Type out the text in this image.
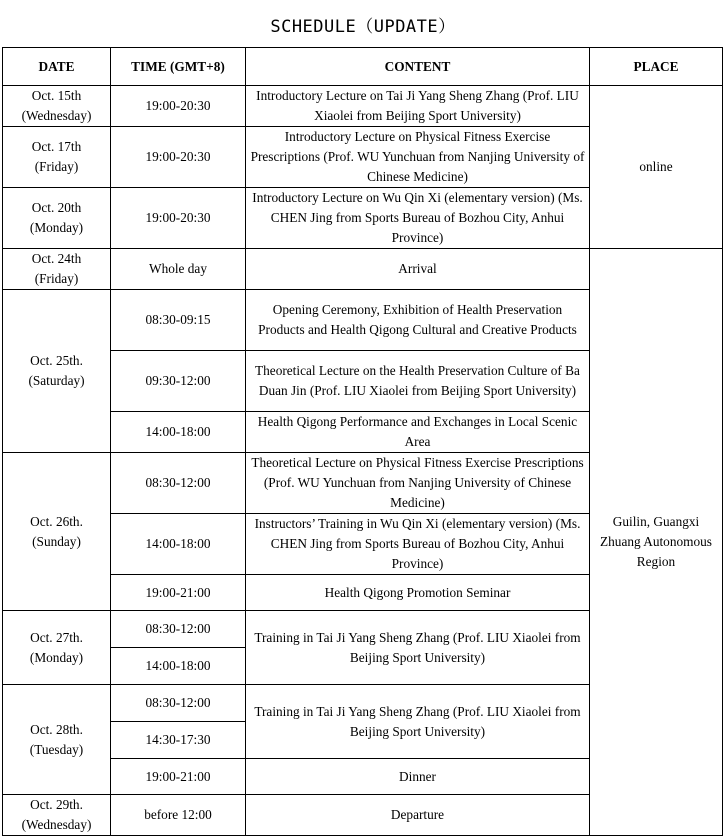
SCHEDULE（UPDATE）
DATE	TIME (GMT+8)	CONTENT	PLACE

Oct. 15th
(Wednesday)	19:00-20:30	Introductory Lecture on Tai Ji Yang Sheng Zhang (Prof. LIU Xiaolei from Beijing Sport University)	online

Oct. 17th
(Friday)	19:00-20:30	Introductory Lecture on Physical Fitness Exercise Prescriptions (Prof. WU Yunchuan from Nanjing University of Chinese Medicine)	

Oct. 20th
(Monday)	19:00-20:30	Introductory Lecture on Wu Qin Xi (elementary version) (Ms. CHEN Jing from Sports Bureau of Bozhou City, Anhui Province)	

Oct. 24th
(Friday)	Whole day	Arrival	Guilin, Guangxi Zhuang Autonomous Region

Oct. 25th.
(Saturday)	08:30-09:15	Opening Ceremony, Exhibition of Health Preservation Products and Health Qigong Cultural and Creative Products	
	09:30-12:00	Theoretical Lecture on the Health Preservation Culture of Ba Duan Jin (Prof. LIU Xiaolei from Beijing Sport University)	
	14:00-18:00	Health Qigong Performance and Exchanges in Local Scenic Area	

Oct. 26th.
(Sunday)	08:30-12:00	Theoretical Lecture on Physical Fitness Exercise Prescriptions (Prof. WU Yunchuan from Nanjing University of Chinese Medicine)	
	14:00-18:00	Instructors’ Training in Wu Qin Xi (elementary version) (Ms. CHEN Jing from Sports Bureau of Bozhou City, Anhui Province)	
	19:00-21:00	Health Qigong Promotion Seminar	

Oct. 27th.
(Monday)	08:30-12:00	Training in Tai Ji Yang Sheng Zhang (Prof. LIU Xiaolei from Beijing Sport University)	
	14:00-18:00		

Oct. 28th.
(Tuesday)	08:30-12:00	Training in Tai Ji Yang Sheng Zhang (Prof. LIU Xiaolei from Beijing Sport University)	
	14:30-17:30		
	19:00-21:00	Dinner	

Oct. 29th.
(Wednesday)	before 12:00	Departure	
